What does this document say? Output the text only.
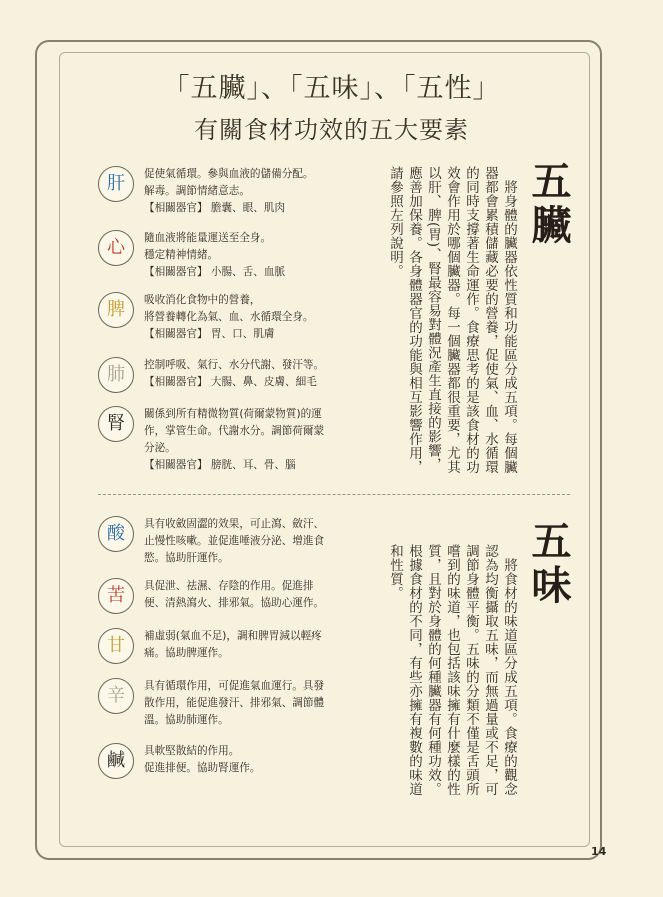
「五臟」、「五味」、「五性」
有關食材功效的五大要素
肝	促使氣循環。參與血液的儲備分配。
解毒。調節情緒意志。
【相關器官】 膽囊、眼、肌肉
心	隨血液將能量運送至全身。
穩定精神情緒。
【相關器官】 小腸、舌、血脈
脾	吸收消化食物中的營養，
將營養轉化為氣、血、水循環全身。
【相關器官】 胃、口、肌膚
肺	控制呼吸、氣行、水分代謝、發汗等。
【相關器官】 大腸、鼻、皮膚、細毛
腎	關係到所有精微物質(荷爾蒙物質)的運
作，掌管生命。代謝水分。調節荷爾蒙
分泌。
【相關器官】 膀胱、耳、骨、腦
五臟
　將身體的臟器依性質和功能區分成五項。每個臟器都會累積儲藏必要的營養，促使氣、血、水循環的同時支撐著生命運作。食療思考的是該食材的功效會作用於哪個臟器。每一個臟器都很重要，尤其以肝、脾(胃)、腎最容易對體況產生直接的影響，應善加保養。各身體器官的功能與相互影響作用，請參照左列說明。
酸	具有收斂固澀的效果，可止瀉、斂汗、
止慢性咳嗽。並促進唾液分泌、增進食
慾。協助肝運作。
苦	具促泄、祛濕、存陰的作用。促進排
便、清熱瀉火、排邪氣。協助心運作。
甘	補虛弱(氣血不足)，調和脾胃減以輕疼
痛。協助脾運作。
辛	具有循環作用，可促進氣血運行。具發
散作用，能促進發汗、排邪氣、調節體
溫。協助肺運作。
鹹	具軟堅散結的作用。
促進排便。協助腎運作。
五味
　將食材的味道區分成五項。食療的觀念認為均衡攝取五味，而無過量或不足，可調節身體平衡。五味的分類不僅是舌頭所嚐到的味道，也包括該味擁有什麼樣的性質，且對於身體的何種臟器有何種功效。根據食材的不同，有些亦擁有複數的味道和性質。
14
